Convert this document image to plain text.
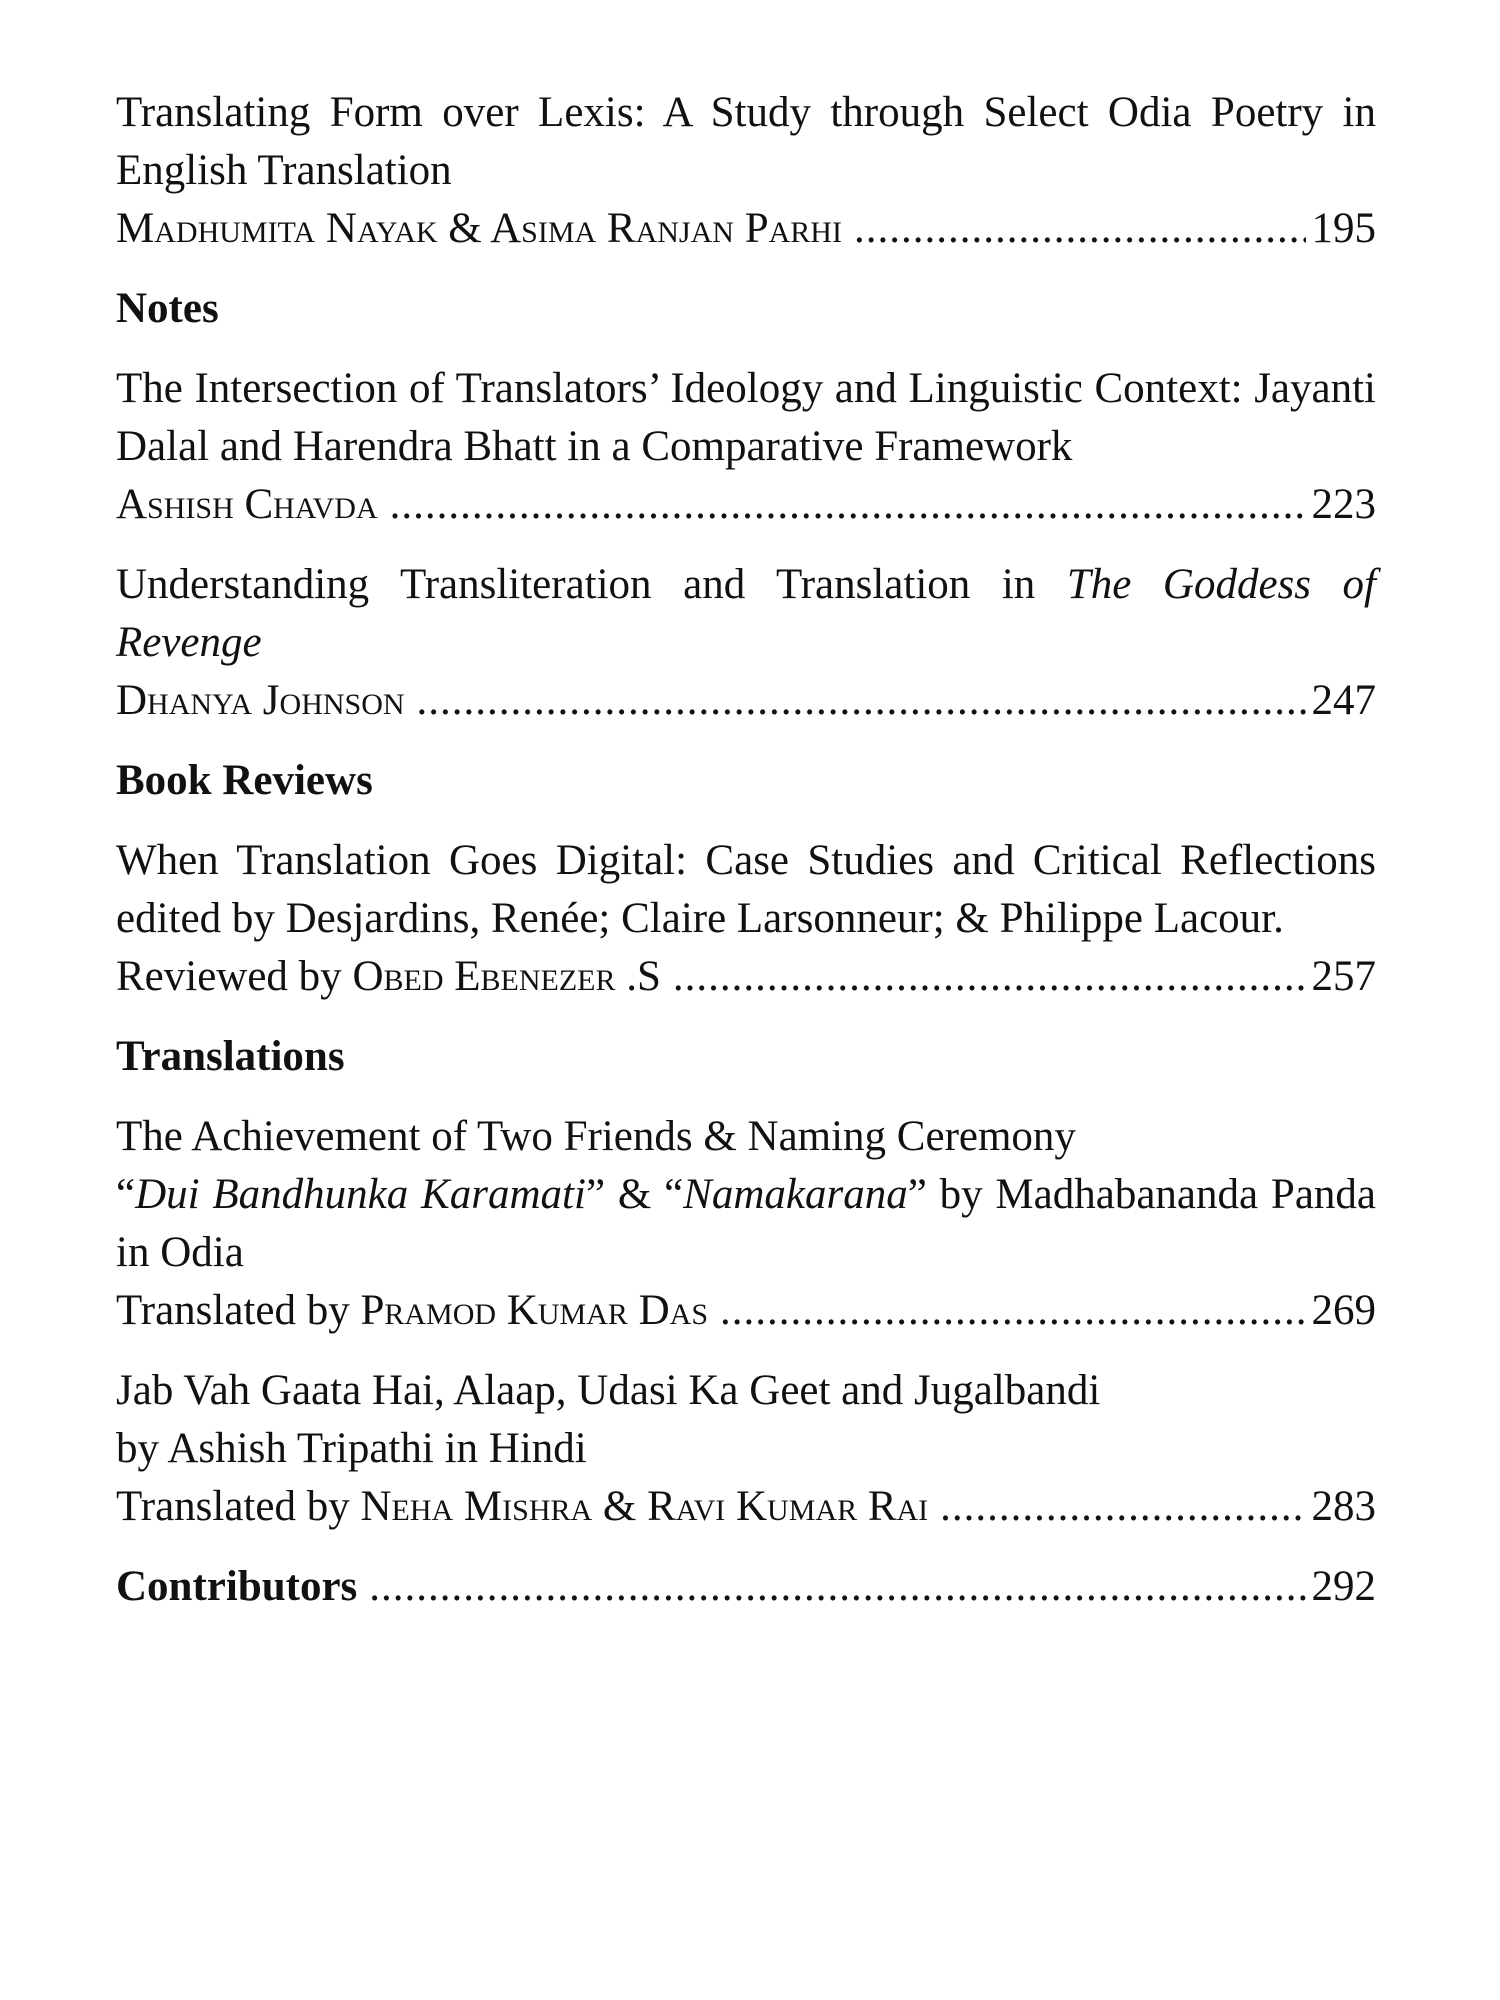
Translating Form over Lexis: A Study through Select Odia Poetry in English Translation
Madhumita Nayak & Asima Ranjan Parhi .....	195
Notes
The Intersection of Translators’ Ideology and Linguistic Context: Jayanti Dalal and Harendra Bhatt in a Comparative Framework
Ashish Chavda .....	223
Understanding Transliteration and Translation in The Goddess of Revenge
Dhanya Johnson .....	247
Book Reviews
When Translation Goes Digital: Case Studies and Critical Reflections edited by Desjardins, Renée; Claire Larsonneur; & Philippe Lacour.
Reviewed by Obed Ebenezer .S .....	257
Translations
The Achievement of Two Friends & Naming Ceremony
“Dui Bandhunka Karamati” & “Namakarana” by Madhabananda Panda in Odia
Translated by Pramod Kumar Das .....	269
Jab Vah Gaata Hai, Alaap, Udasi Ka Geet and Jugalbandi
by Ashish Tripathi in Hindi
Translated by Neha Mishra & Ravi Kumar Rai .....	283
Contributors .....	292
